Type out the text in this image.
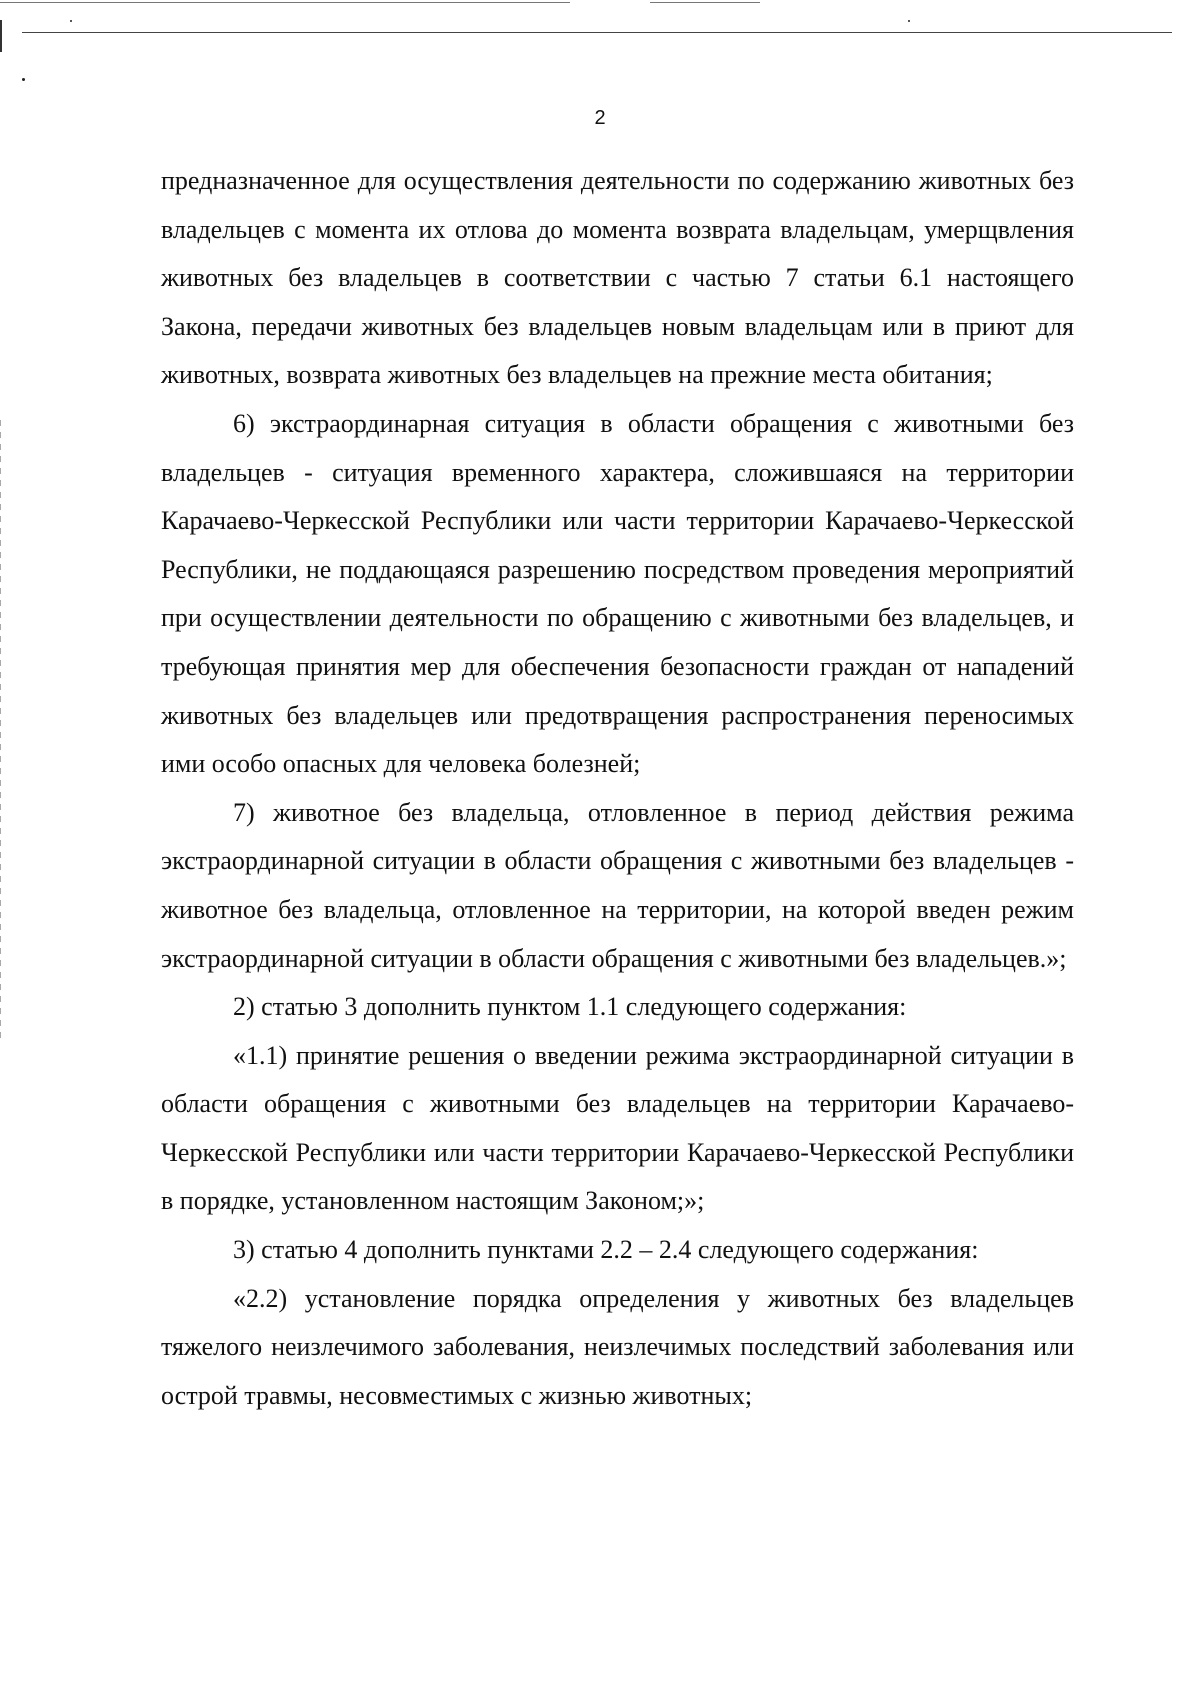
2

предназначенное для осуществления деятельности по содержанию животных без владельцев с момента их отлова до момента возврата владельцам, умерщвления животных без владельцев в соответствии с частью 7 статьи 6.1 настоящего Закона, передачи животных без владельцев новым владельцам или в приют для животных, возврата животных без владельцев на прежние места обитания;

6) экстраординарная ситуация в области обращения с животными без владельцев - ситуация временного характера, сложившаяся на территории Карачаево-Черкесской Республики или части территории Карачаево-Черкесской Республики, не поддающаяся разрешению посредством проведения мероприятий при осуществлении деятельности по обращению с животными без владельцев, и требующая принятия мер для обеспечения безопасности граждан от нападений животных без владельцев или предотвращения распространения переносимых ими особо опасных для человека болезней;

7) животное без владельца, отловленное в период действия режима экстраординарной ситуации в области обращения с животными без владельцев - животное без владельца, отловленное на территории, на которой введен режим экстраординарной ситуации в области обращения с животными без владельцев.»;

2) статью 3 дополнить пунктом 1.1 следующего содержания:

«1.1) принятие решения о введении режима экстраординарной ситуации в области обращения с животными без владельцев на территории Карачаево-Черкесской Республики или части территории Карачаево-Черкесской Республики в порядке, установленном настоящим Законом;»;

3) статью 4 дополнить пунктами 2.2 – 2.4 следующего содержания:

«2.2) установление порядка определения у животных без владельцев тяжелого неизлечимого заболевания, неизлечимых последствий заболевания или острой травмы, несовместимых с жизнью животных;
